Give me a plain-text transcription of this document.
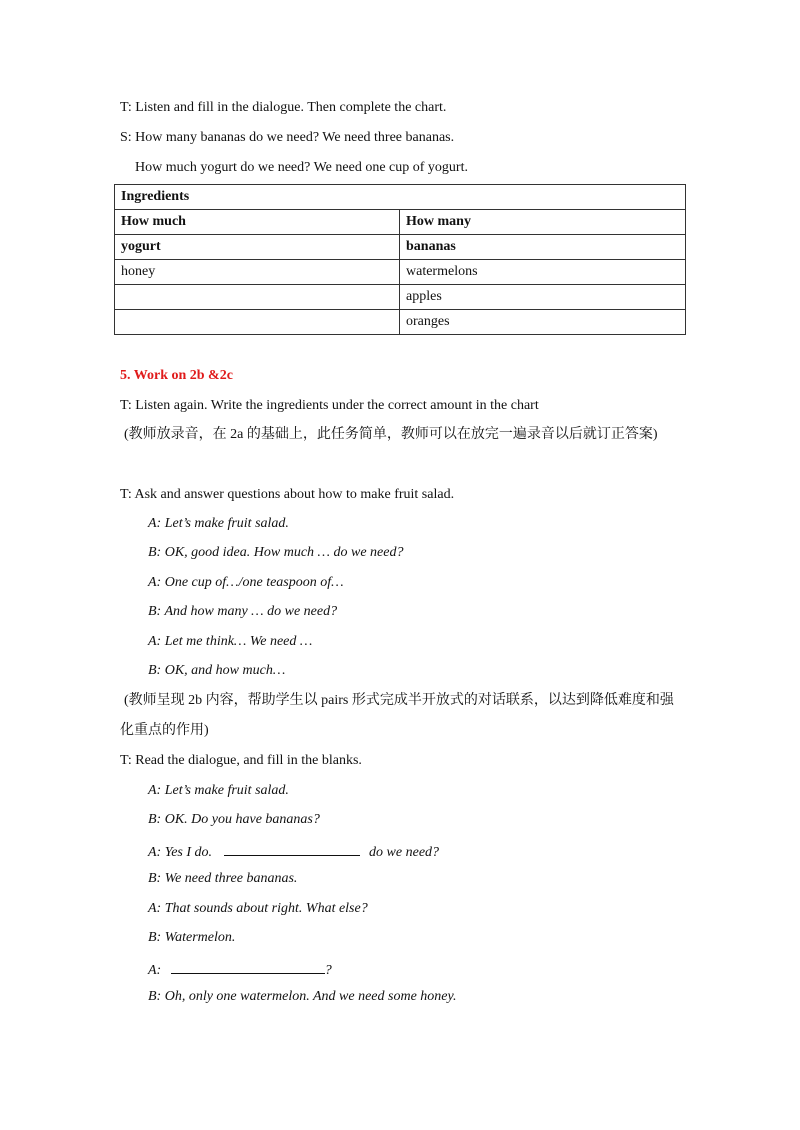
T: Listen and fill in the dialogue. Then complete the chart.
S: How many bananas do we need? We need three bananas.
How much yogurt do we need? We need one cup of yogurt.
Ingredients	
How much	How many
yogurt	bananas
honey	watermelons
	apples
	oranges
5. Work on 2b &2c
T: Listen again. Write the ingredients under the correct amount in the chart
(教师放录音，在 2a 的基础上，此任务简单，教师可以在放完一遍录音以后就订正答案)
T: Ask and answer questions about how to make fruit salad.
A: Let’s make fruit salad.
B: OK, good idea. How much … do we need?
A: One cup of…/one teaspoon of…
B: And how many … do we need?
A: Let me think… We need …
B: OK, and how much…
(教师呈现 2b 内容，帮助学生以 pairs 形式完成半开放式的对话联系，以达到降低难度和强
化重点的作用)
T: Read the dialogue, and fill in the blanks.
A: Let’s make fruit salad.
B: OK. Do you have bananas?
A: Yes I do.	do we need?
B: We need three bananas.
A: That sounds about right. What else?
B: Watermelon.
A:	?
B: Oh, only one watermelon. And we need some honey.
